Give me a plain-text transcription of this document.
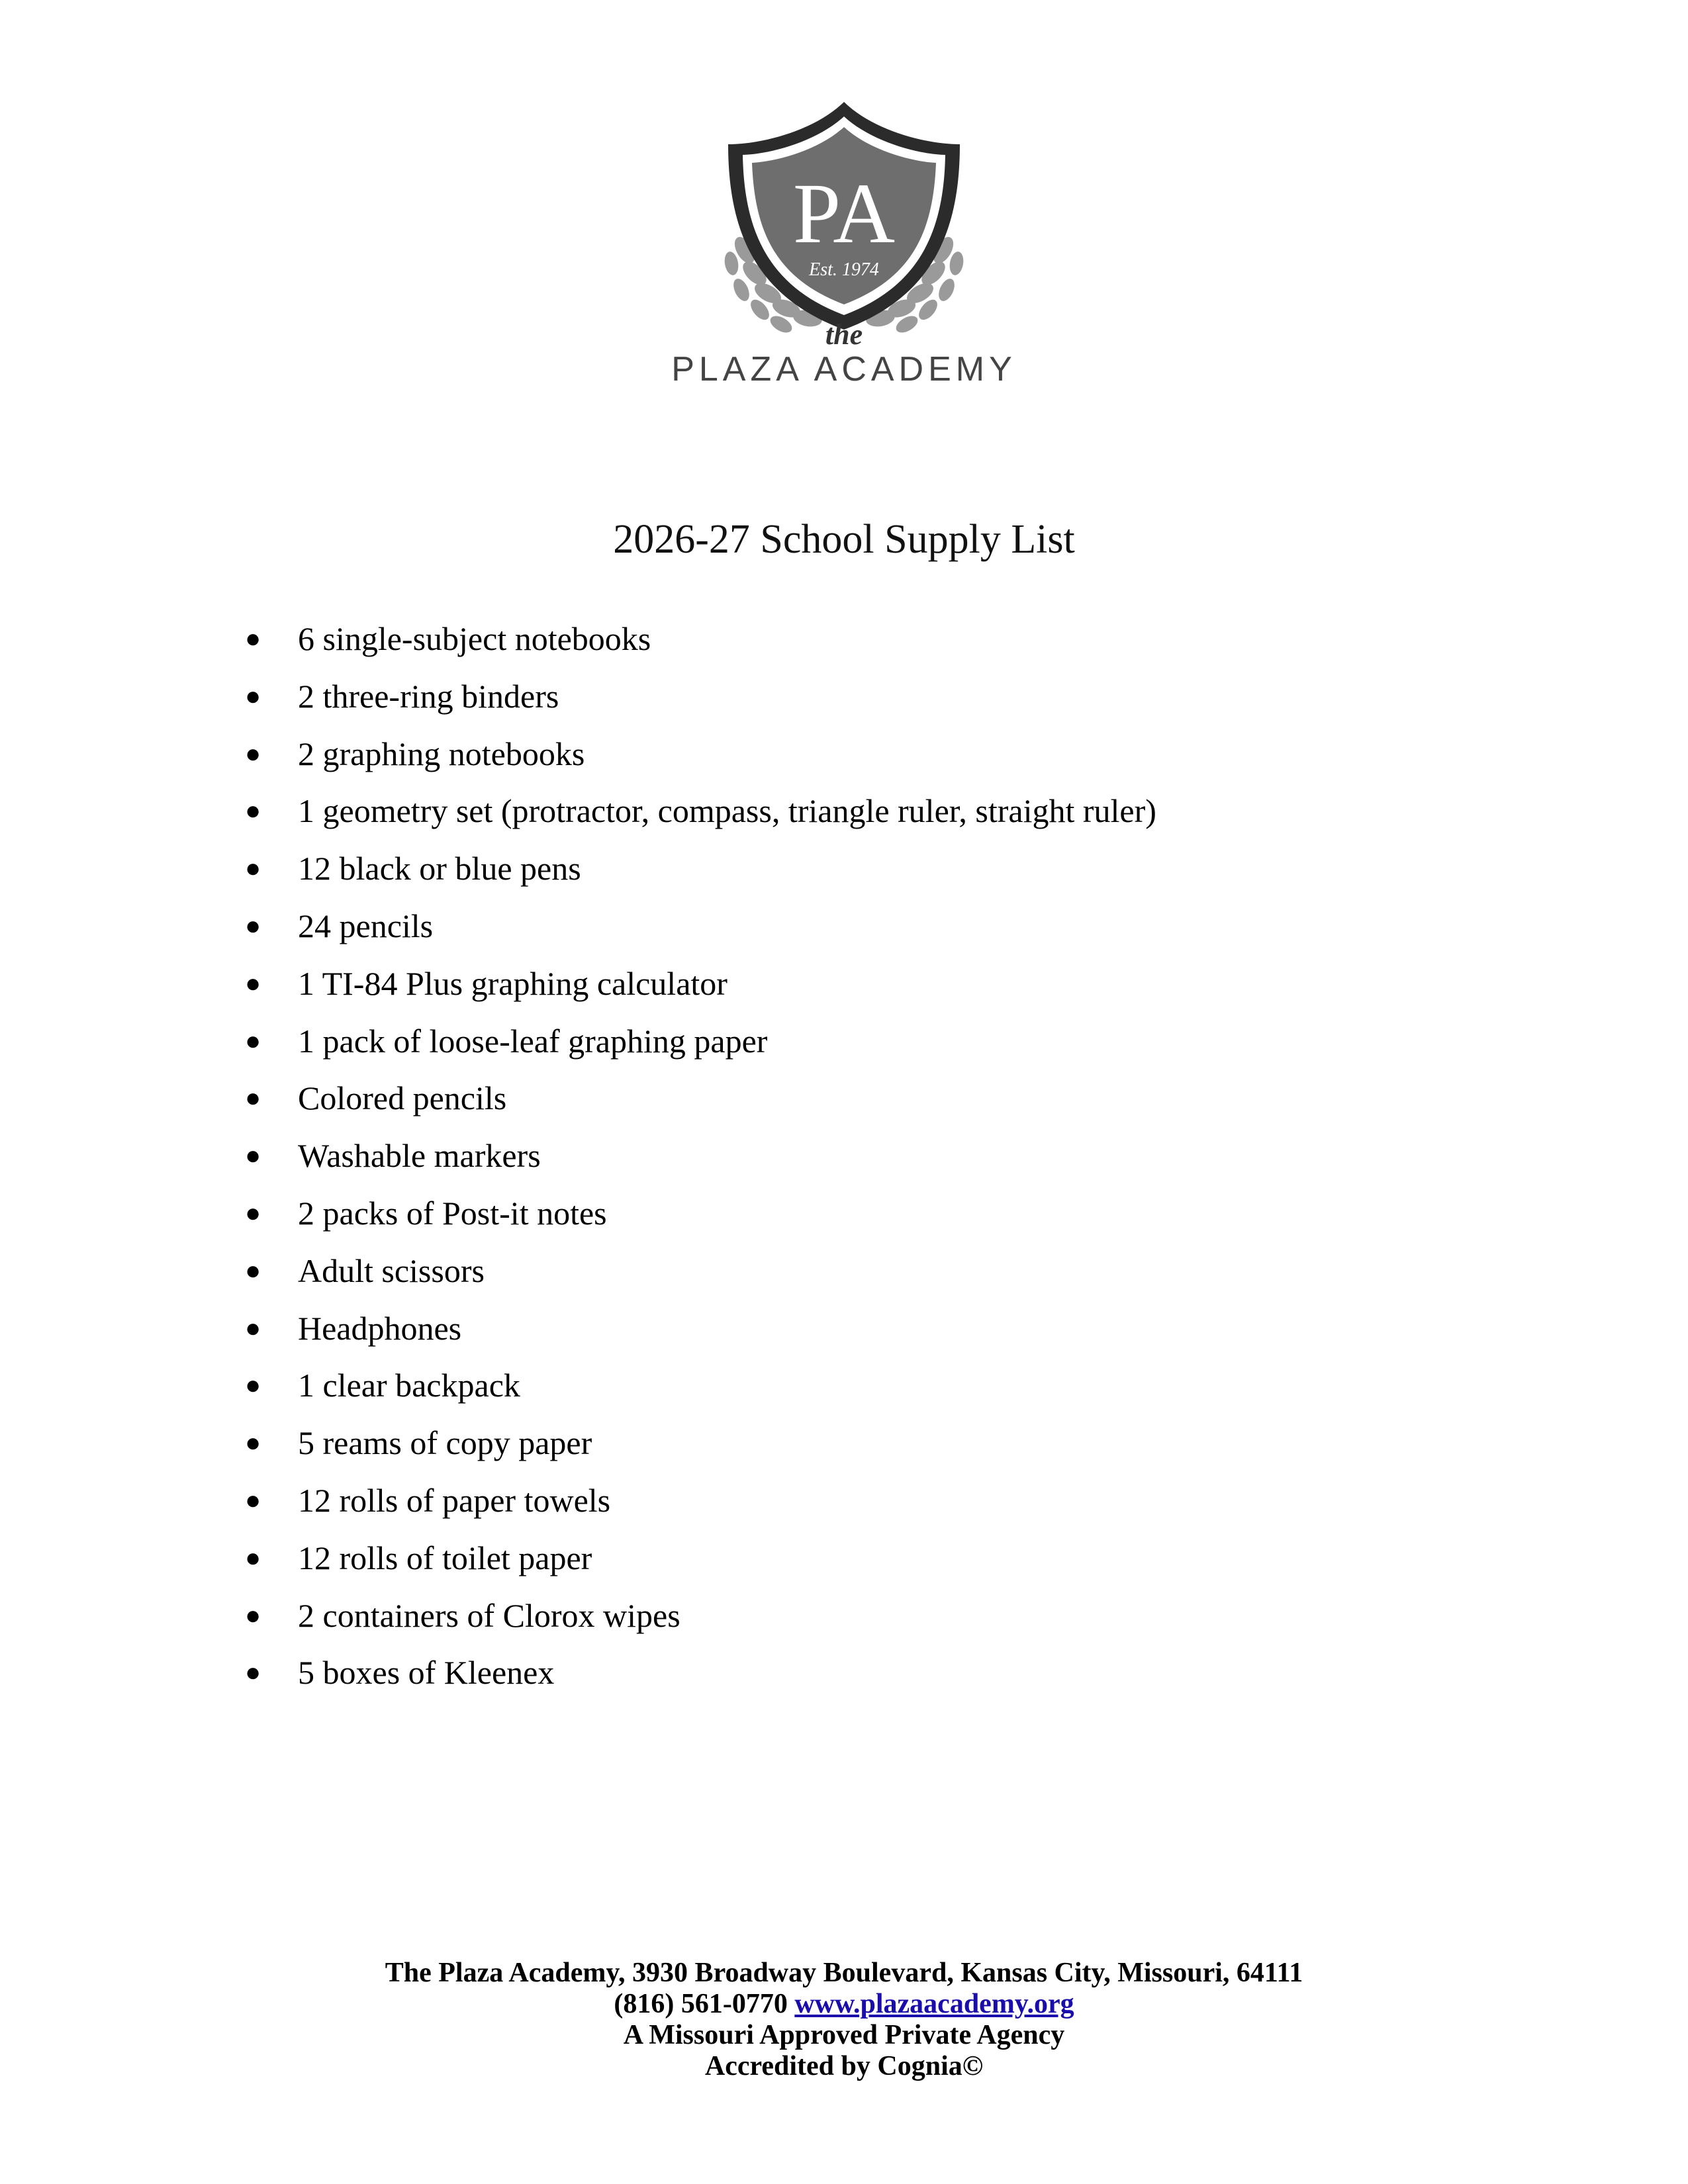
PA
Est. 1974
the
PLAZA ACADEMY
2026-27 School Supply List
●	6 single-subject notebooks
●	2 three-ring binders
●	2 graphing notebooks
●	1 geometry set (protractor, compass, triangle ruler, straight ruler)
●	12 black or blue pens
●	24 pencils
●	1 TI-84 Plus graphing calculator
●	1 pack of loose-leaf graphing paper
●	Colored pencils
●	Washable markers
●	2 packs of Post-it notes
●	Adult scissors
●	Headphones
●	1 clear backpack
●	5 reams of copy paper
●	12 rolls of paper towels
●	12 rolls of toilet paper
●	2 containers of Clorox wipes
●	5 boxes of Kleenex
The Plaza Academy, 3930 Broadway Boulevard, Kansas City, Missouri, 64111
(816) 561-0770 www.plazaacademy.org
A Missouri Approved Private Agency
Accredited by Cognia©
